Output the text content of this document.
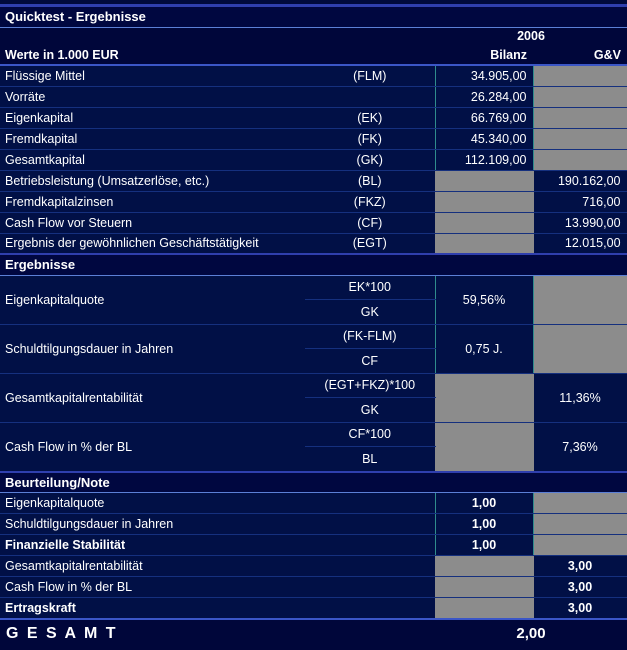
Quicktest - Ergebnisse			
		2006	
Werte in 1.000 EUR		Bilanz	G&V
Flüssige Mittel	(FLM)	34.905,00	
Vorräte		26.284,00	
Eigenkapital	(EK)	66.769,00	
Fremdkapital	(FK)	45.340,00	
Gesamtkapital	(GK)	112.109,00	
Betriebsleistung (Umsatzerlöse, etc.)	(BL)		190.162,00
Fremdkapitalzinsen	(FKZ)		716,00
Cash Flow vor Steuern	(CF)		13.990,00
Ergebnis der gewöhnlichen Geschäftstätigkeit	(EGT)		12.015,00
Ergebnisse			
Eigenkapitalquote	EK*100	59,56%	
	GK		
Schuldtilgungsdauer in Jahren	(FK-FLM)	0,75 J.	
	CF		
Gesamtkapitalrentabilität	(EGT+FKZ)*100		11,36%
	GK		
Cash Flow in % der BL	CF*100		7,36%
	BL		
Beurteilung/Note			
Eigenkapitalquote		1,00	
Schuldtilgungsdauer in Jahren		1,00	
Finanzielle Stabilität		1,00	
Gesamtkapitalrentabilität			3,00
Cash Flow in % der BL			3,00
Ertragskraft			3,00
G E S A M T		2,00	
